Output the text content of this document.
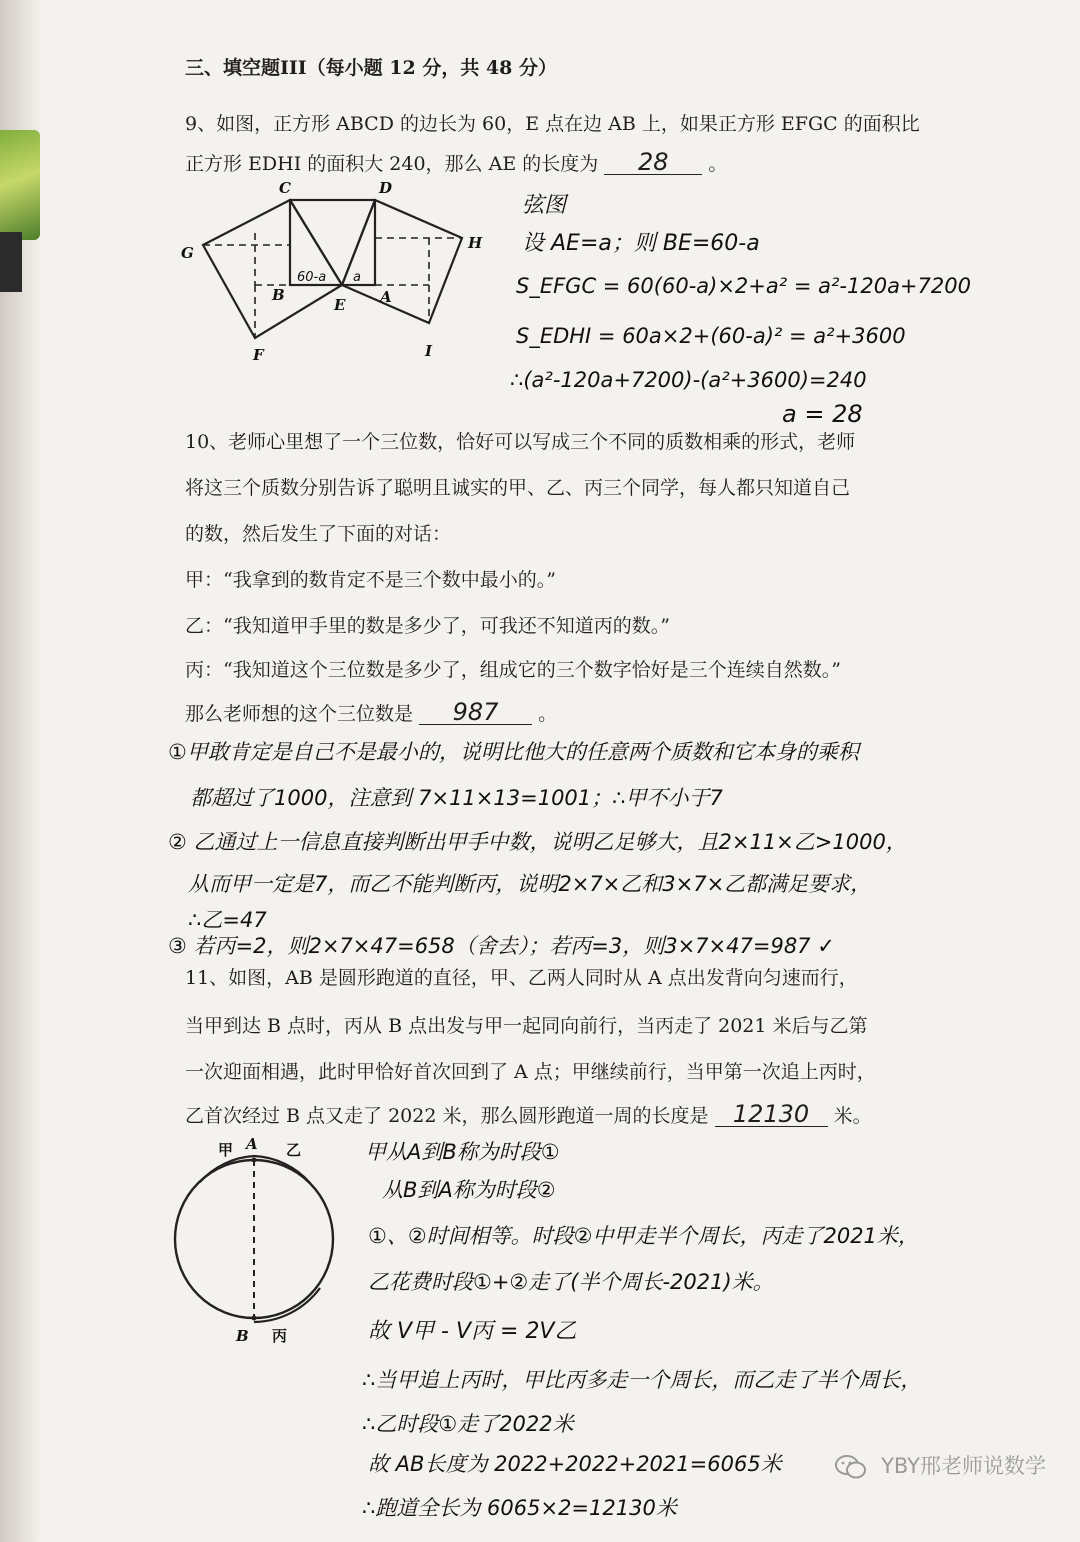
三、填空题III（每小题 12 分，共 48 分）
9、如图，正方形 ABCD 的边长为 60，E 点在边 AB 上，如果正方形 EFGC 的面积比
正方形 EDHI 的面积大 240，那么 AE 的长度为 28 。
C	D
G
H
B
E A
F	I
60-a a
弦图
设 AE=a；则 BE=60-a
S_EFGC = 60(60-a)×2+a² = a²-120a+7200
S_EDHI = 60a×2+(60-a)² = a²+3600
∴(a²-120a+7200)-(a²+3600)=240
a = 28
10、老师心里想了一个三位数，恰好可以写成三个不同的质数相乘的形式，老师
将这三个质数分别告诉了聪明且诚实的甲、乙、丙三个同学，每人都只知道自己
的数，然后发生了下面的对话：
甲：“我拿到的数肯定不是三个数中最小的。”
乙：“我知道甲手里的数是多少了，可我还不知道丙的数。”
丙：“我知道这个三位数是多少了，组成它的三个数字恰好是三个连续自然数。”
那么老师想的这个三位数是 987 。
①甲敢肯定是自己不是最小的，说明比他大的任意两个质数和它本身的乘积
都超过了1000，注意到 7×11×13=1001；∴甲不小于7
② 乙通过上一信息直接判断出甲手中数，说明乙足够大，且2×11×乙>1000，
从而甲一定是7，而乙不能判断丙，说明2×7×乙和3×7×乙都满足要求，
∴乙=47
③ 若丙=2，则2×7×47=658（舍去）；若丙=3，则3×7×47=987 ✓
11、如图，AB 是圆形跑道的直径，甲、乙两人同时从 A 点出发背向匀速而行，
当甲到达 B 点时，丙从 B 点出发与甲一起同向前行，当丙走了 2021 米后与乙第
一次迎面相遇，此时甲恰好首次回到了 A 点；甲继续前行，当甲第一次追上丙时，
乙首次经过 B 点又走了 2022 米，那么圆形跑道一周的长度是 12130 米。
甲 A 乙
B 丙
甲从A到B称为时段①
从B到A称为时段②
①、②时间相等。时段②中甲走半个周长，丙走了2021米，
乙花费时段①+②走了(半个周长-2021)米。
故 V甲 - V丙 = 2V乙
∴当甲追上丙时，甲比丙多走一个周长，而乙走了半个周长，
∴乙时段①走了2022米
故 AB长度为 2022+2022+2021=6065米
∴跑道全长为 6065×2=12130米
YBY邢老师说数学
